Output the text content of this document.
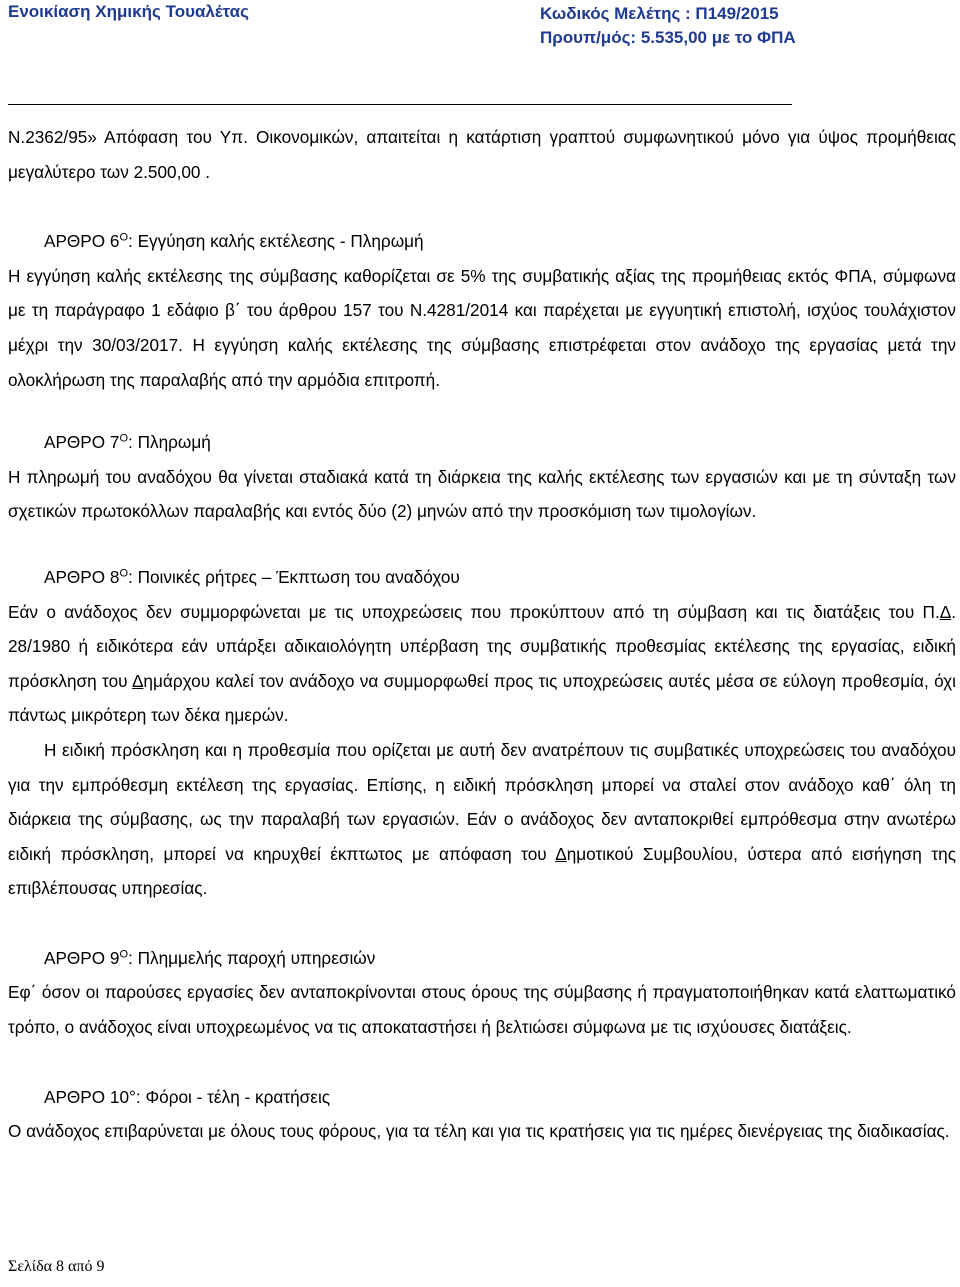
Ενοικίαση Χημικής Τουαλέτας	Κωδικός Μελέτης : Π149/2015
Προυπ/μός: 5.535,00 με το ΦΠΑ

Ν.2362/95» Απόφαση του Υπ. Οικονομικών, απαιτείται η κατάρτιση γραπτού συμφωνητικού μόνο για ύψος προμήθειας μεγαλύτερο των 2.500,00 .

ΑΡΘΡΟ $6^O$: Εγγύηση καλής εκτέλεσης - Πληρωμή

Η εγγύηση καλής εκτέλεσης της σύμβασης καθορίζεται σε 5% της συμβατικής αξίας της προμήθειας εκτός ΦΠΑ, σύμφωνα με τη παράγραφο 1 εδάφιο β΄ του άρθρου 157 του Ν.4281/2014 και παρέχεται με εγγυητική επιστολή, ισχύος τουλάχιστον μέχρι την 30/03/2017. Η εγγύηση καλής εκτέλεσης της σύμβασης επιστρέφεται στον ανάδοχο της εργασίας μετά την ολοκλήρωση της παραλαβής από την αρμόδια επιτροπή.

ΑΡΘΡΟ $7^O$: Πληρωμή

Η πληρωμή του αναδόχου θα γίνεται σταδιακά κατά τη διάρκεια της καλής εκτέλεσης των εργασιών και με τη σύνταξη των σχετικών πρωτοκόλλων παραλαβής και εντός δύο (2) μηνών από την προσκόμιση των τιμολογίων.

ΑΡΘΡΟ $8^O$: Ποινικές ρήτρες – Έκπτωση του αναδόχου

Εάν ο ανάδοχος δεν συμμορφώνεται με τις υποχρεώσεις που προκύπτουν από τη σύμβαση και τις διατάξεις του Π.Δ. 28/1980 ή ειδικότερα εάν υπάρξει αδικαιολόγητη υπέρβαση της συμβατικής προθεσμίας εκτέλεσης της εργασίας, ειδική πρόσκληση του Δημάρχου καλεί τον ανάδοχο να συμμορφωθεί προς τις υποχρεώσεις αυτές μέσα σε εύλογη προθεσμία, όχι πάντως μικρότερη των δέκα ημερών.

Η ειδική πρόσκληση και η προθεσμία που ορίζεται με αυτή δεν ανατρέπουν τις συμβατικές υποχρεώσεις του αναδόχου για την εμπρόθεσμη εκτέλεση της εργασίας. Επίσης, η ειδική πρόσκληση μπορεί να σταλεί στον ανάδοχο καθ΄ όλη τη διάρκεια της σύμβασης, ως την παραλαβή των εργασιών. Εάν ο ανάδοχος δεν ανταποκριθεί εμπρόθεσμα στην ανωτέρω ειδική πρόσκληση, μπορεί να κηρυχθεί έκπτωτος με απόφαση του Δημοτικού Συμβουλίου, ύστερα από εισήγηση της επιβλέπουσας υπηρεσίας.

ΑΡΘΡΟ $9^O$: Πλημμελής παροχή υπηρεσιών

Εφ΄ όσον οι παρούσες εργασίες δεν ανταποκρίνονται στους όρους της σύμβασης ή πραγματοποιήθηκαν κατά ελαττωματικό τρόπο, ο ανάδοχος είναι υποχρεωμένος να τις αποκαταστήσει ή βελτιώσει σύμφωνα με τις ισχύουσες διατάξεις.

ΑΡΘΡΟ 10°: Φόροι - τέλη - κρατήσεις

Ο ανάδοχος επιβαρύνεται με όλους τους φόρους, για τα τέλη και για τις κρατήσεις για τις ημέρες διενέργειας της διαδικασίας.

Σελίδα 8 από 9
